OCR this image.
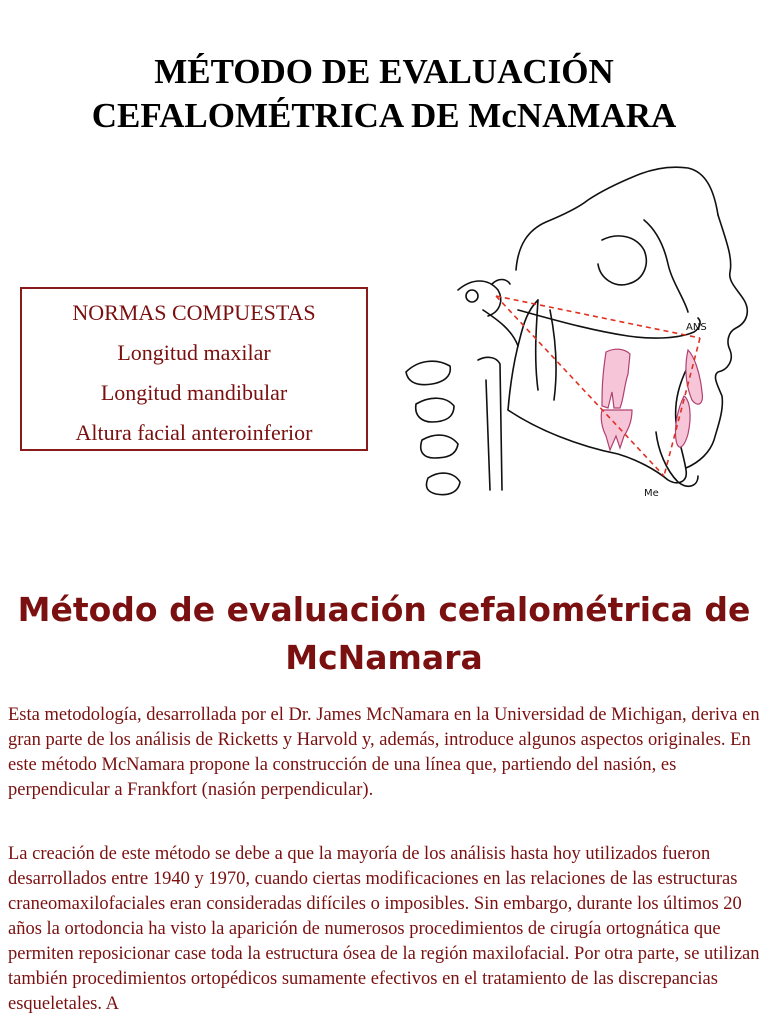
MÉTODO DE EVALUACIÓN
CEFALOMÉTRICA DE McNAMARA
NORMAS COMPUESTAS
Longitud maxilar
Longitud mandibular
Altura facial anteroinferior
ANS
Me
Método de evaluación cefalométrica de
McNamara

Esta metodología, desarrollada por el Dr. James McNamara en la Universidad de Michigan, deriva en gran parte de los análisis de Ricketts y Harvold y, además, introduce algunos aspectos originales. En este método McNamara propone la construcción de una línea que, partiendo del nasión, es perpendicular a Frankfort (nasión perpendicular).

La creación de este método se debe a que la mayoría de los análisis hasta hoy utilizados fueron desarrollados entre 1940 y 1970, cuando ciertas modificaciones en las relaciones de las estructuras craneomaxilofaciales eran consideradas difíciles o imposibles. Sin embargo, durante los últimos 20 años la ortodoncia ha visto la aparición de numerosos procedimientos de cirugía ortognática que permiten reposicionar case toda la estructura ósea de la región maxilofacial. Por otra parte, se utilizan también procedimientos ortopédicos sumamente efectivos en el tratamiento de las discrepancias esqueletales. A
